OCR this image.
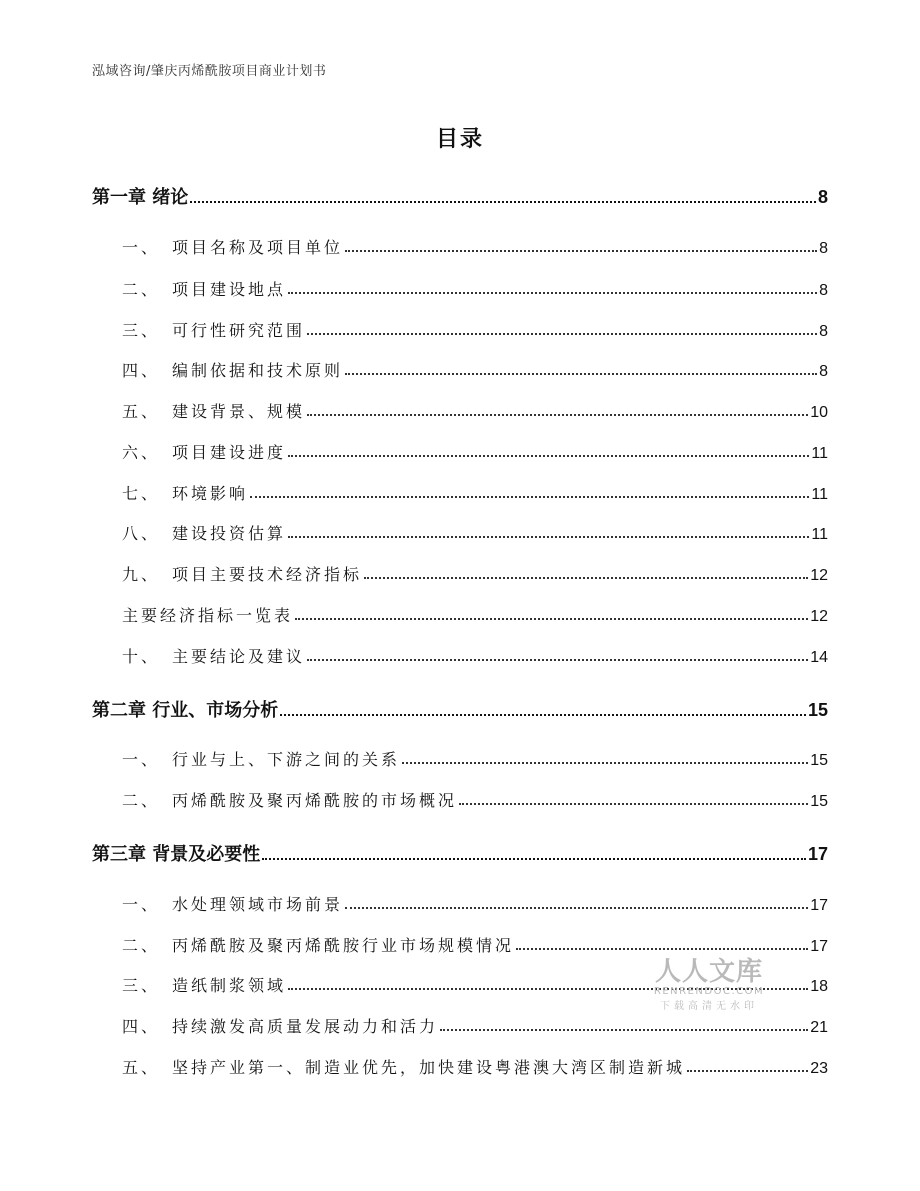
泓域咨询/肇庆丙烯酰胺项目商业计划书
目录
第一章 绪论	8
一、 项目名称及项目单位	8
二、 项目建设地点	8
三、 可行性研究范围	8
四、 编制依据和技术原则	8
五、 建设背景、规模	10
六、 项目建设进度	11
七、 环境影响	11
八、 建设投资估算	11
九、 项目主要技术经济指标	12
主要经济指标一览表	12
十、 主要结论及建议	14
第二章 行业、市场分析	15
一、 行业与上、下游之间的关系	15
二、 丙烯酰胺及聚丙烯酰胺的市场概况	15
第三章 背景及必要性	17
一、 水处理领域市场前景	17
二、 丙烯酰胺及聚丙烯酰胺行业市场规模情况	17
三、 造纸制浆领域	18
四、 持续激发高质量发展动力和活力	21
五、 坚持产业第一、制造业优先，加快建设粤港澳大湾区制造新城	23
人人文库
RENRENDOC.COM
下载高清无水印
